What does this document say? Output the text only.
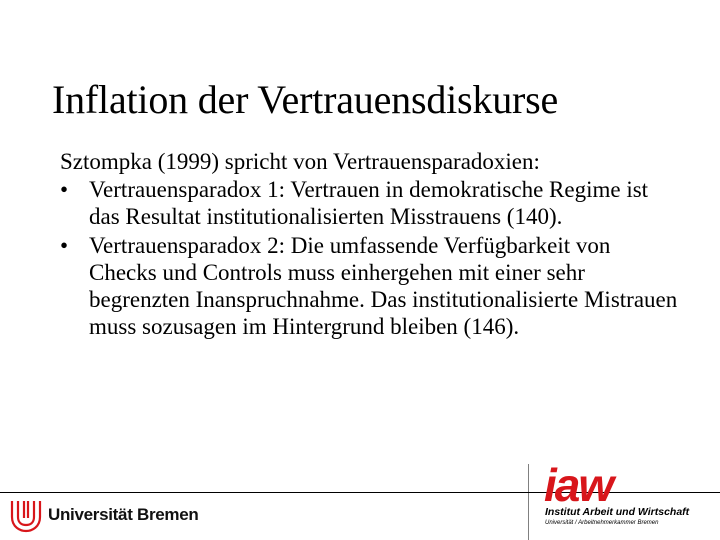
Inflation der Vertrauensdiskurse
Sztompka (1999) spricht von Vertrauensparadoxien:
• Vertrauensparadox 1: Vertrauen in demokratische Regime ist das Resultat institutionalisierten Misstrauens (140).
• Vertrauensparadox 2: Die umfassende Verfügbarkeit von Checks und Controls muss einhergehen mit einer sehr begrenzten Inanspruchnahme. Das institutionalisierte Mistrauen muss sozusagen im Hintergrund bleiben (146).
Universität Bremen
iaw
Institut Arbeit und Wirtschaft
Universität / Arbeitnehmerkammer Bremen
